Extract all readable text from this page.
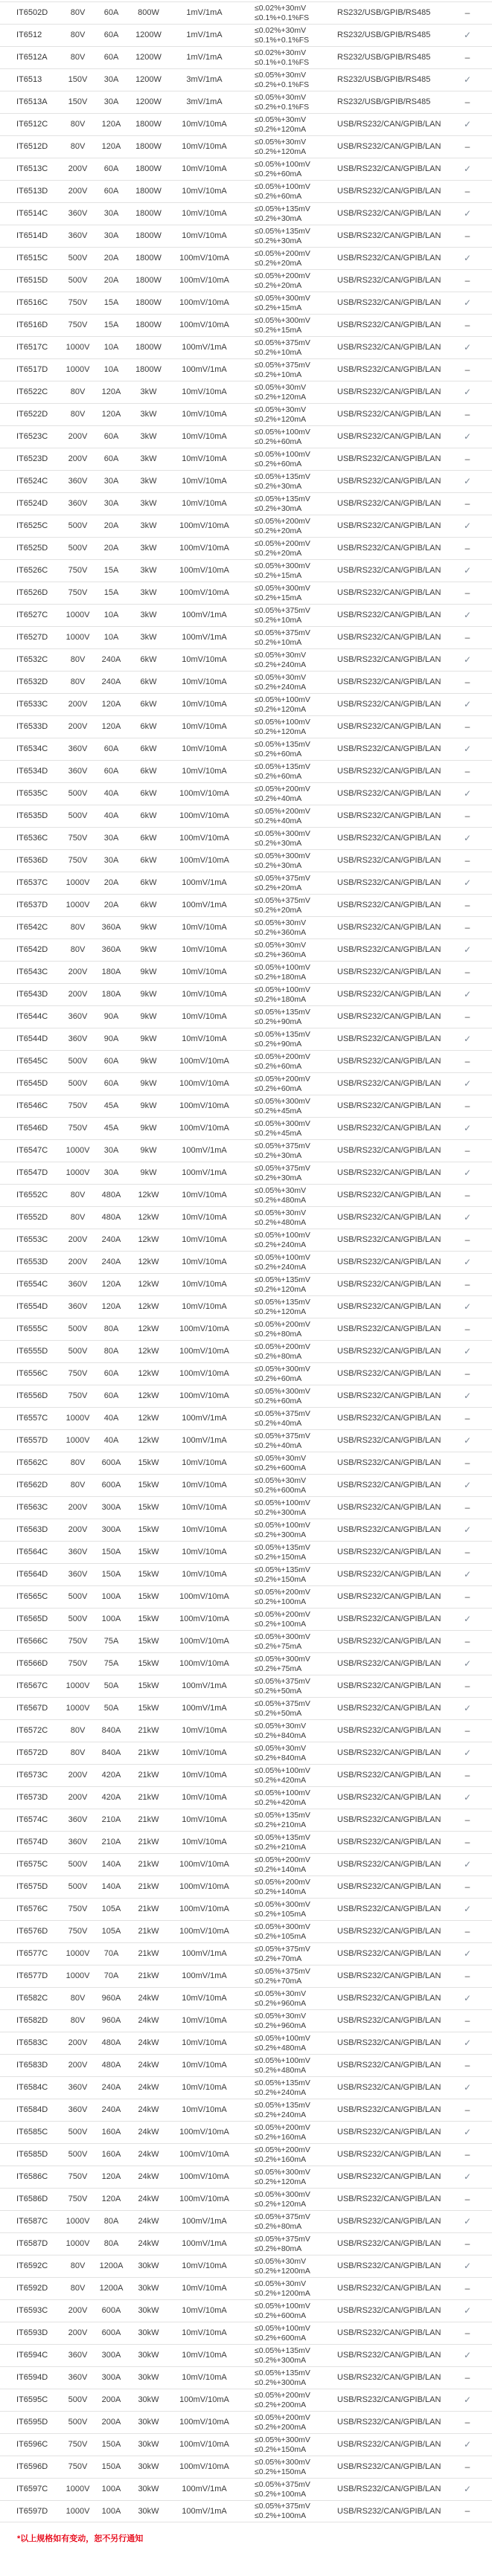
IT6502D	80V	60A	800W	1mV/1mA
≤0.02%+30mV
≤0.1%+0.1%FS
RS232/USB/GPIB/RS485	–
IT6512	80V	60A	1200W	1mV/1mA
≤0.02%+30mV
≤0.1%+0.1%FS
RS232/USB/GPIB/RS485	✓
IT6512A	80V	60A	1200W	1mV/1mA
≤0.02%+30mV
≤0.1%+0.1%FS
RS232/USB/GPIB/RS485	–
IT6513	150V	30A	1200W	3mV/1mA
≤0.05%+30mV
≤0.2%+0.1%FS
RS232/USB/GPIB/RS485	✓
IT6513A	150V	30A	1200W	3mV/1mA
≤0.05%+30mV
≤0.2%+0.1%FS
RS232/USB/GPIB/RS485	–
IT6512C	80V	120A	1800W	10mV/10mA
≤0.05%+30mV
≤0.2%+120mA
USB/RS232/CAN/GPIB/LAN	✓
IT6512D	80V	120A	1800W	10mV/10mA
≤0.05%+30mV
≤0.2%+120mA
USB/RS232/CAN/GPIB/LAN	–
IT6513C	200V	60A	1800W	10mV/10mA
≤0.05%+100mV
≤0.2%+60mA
USB/RS232/CAN/GPIB/LAN	✓
IT6513D	200V	60A	1800W	10mV/10mA
≤0.05%+100mV
≤0.2%+60mA
USB/RS232/CAN/GPIB/LAN	–
IT6514C	360V	30A	1800W	10mV/10mA
≤0.05%+135mV
≤0.2%+30mA
USB/RS232/CAN/GPIB/LAN	✓
IT6514D	360V	30A	1800W	10mV/10mA
≤0.05%+135mV
≤0.2%+30mA
USB/RS232/CAN/GPIB/LAN	–
IT6515C	500V	20A	1800W	100mV/10mA
≤0.05%+200mV
≤0.2%+20mA
USB/RS232/CAN/GPIB/LAN	✓
IT6515D	500V	20A	1800W	100mV/10mA
≤0.05%+200mV
≤0.2%+20mA
USB/RS232/CAN/GPIB/LAN	–
IT6516C	750V	15A	1800W	100mV/10mA
≤0.05%+300mV
≤0.2%+15mA
USB/RS232/CAN/GPIB/LAN	✓
IT6516D	750V	15A	1800W	100mV/10mA
≤0.05%+300mV
≤0.2%+15mA
USB/RS232/CAN/GPIB/LAN	–
IT6517C	1000V	10A	1800W	100mV/1mA
≤0.05%+375mV
≤0.2%+10mA
USB/RS232/CAN/GPIB/LAN	✓
IT6517D	1000V	10A	1800W	100mV/1mA
≤0.05%+375mV
≤0.2%+10mA
USB/RS232/CAN/GPIB/LAN	–
IT6522C	80V	120A	3kW	10mV/10mA
≤0.05%+30mV
≤0.2%+120mA
USB/RS232/CAN/GPIB/LAN	✓
IT6522D	80V	120A	3kW	10mV/10mA
≤0.05%+30mV
≤0.2%+120mA
USB/RS232/CAN/GPIB/LAN	–
IT6523C	200V	60A	3kW	10mV/10mA
≤0.05%+100mV
≤0.2%+60mA
USB/RS232/CAN/GPIB/LAN	✓
IT6523D	200V	60A	3kW	10mV/10mA
≤0.05%+100mV
≤0.2%+60mA
USB/RS232/CAN/GPIB/LAN	–
IT6524C	360V	30A	3kW	10mV/10mA
≤0.05%+135mV
≤0.2%+30mA
USB/RS232/CAN/GPIB/LAN	✓
IT6524D	360V	30A	3kW	10mV/10mA
≤0.05%+135mV
≤0.2%+30mA
USB/RS232/CAN/GPIB/LAN	–
IT6525C	500V	20A	3kW	100mV/10mA
≤0.05%+200mV
≤0.2%+20mA
USB/RS232/CAN/GPIB/LAN	✓
IT6525D	500V	20A	3kW	100mV/10mA
≤0.05%+200mV
≤0.2%+20mA
USB/RS232/CAN/GPIB/LAN	–
IT6526C	750V	15A	3kW	100mV/10mA
≤0.05%+300mV
≤0.2%+15mA
USB/RS232/CAN/GPIB/LAN	✓
IT6526D	750V	15A	3kW	100mV/10mA
≤0.05%+300mV
≤0.2%+15mA
USB/RS232/CAN/GPIB/LAN	–
IT6527C	1000V	10A	3kW	100mV/1mA
≤0.05%+375mV
≤0.2%+10mA
USB/RS232/CAN/GPIB/LAN	✓
IT6527D	1000V	10A	3kW	100mV/1mA
≤0.05%+375mV
≤0.2%+10mA
USB/RS232/CAN/GPIB/LAN	–
IT6532C	80V	240A	6kW	10mV/10mA
≤0.05%+30mV
≤0.2%+240mA
USB/RS232/CAN/GPIB/LAN	✓
IT6532D	80V	240A	6kW	10mV/10mA
≤0.05%+30mV
≤0.2%+240mA
USB/RS232/CAN/GPIB/LAN	–
IT6533C	200V	120A	6kW	10mV/10mA
≤0.05%+100mV
≤0.2%+120mA
USB/RS232/CAN/GPIB/LAN	✓
IT6533D	200V	120A	6kW	10mV/10mA
≤0.05%+100mV
≤0.2%+120mA
USB/RS232/CAN/GPIB/LAN	–
IT6534C	360V	60A	6kW	10mV/10mA
≤0.05%+135mV
≤0.2%+60mA
USB/RS232/CAN/GPIB/LAN	✓
IT6534D	360V	60A	6kW	10mV/10mA
≤0.05%+135mV
≤0.2%+60mA
USB/RS232/CAN/GPIB/LAN	–
IT6535C	500V	40A	6kW	100mV/10mA
≤0.05%+200mV
≤0.2%+40mA
USB/RS232/CAN/GPIB/LAN	✓
IT6535D	500V	40A	6kW	100mV/10mA
≤0.05%+200mV
≤0.2%+40mA
USB/RS232/CAN/GPIB/LAN	–
IT6536C	750V	30A	6kW	100mV/10mA
≤0.05%+300mV
≤0.2%+30mA
USB/RS232/CAN/GPIB/LAN	✓
IT6536D	750V	30A	6kW	100mV/10mA
≤0.05%+300mV
≤0.2%+30mA
USB/RS232/CAN/GPIB/LAN	–
IT6537C	1000V	20A	6kW	100mV/1mA
≤0.05%+375mV
≤0.2%+20mA
USB/RS232/CAN/GPIB/LAN	✓
IT6537D	1000V	20A	6kW	100mV/1mA
≤0.05%+375mV
≤0.2%+20mA
USB/RS232/CAN/GPIB/LAN	–
IT6542C	80V	360A	9kW	10mV/10mA
≤0.05%+30mV
≤0.2%+360mA
USB/RS232/CAN/GPIB/LAN	–
IT6542D	80V	360A	9kW	10mV/10mA
≤0.05%+30mV
≤0.2%+360mA
USB/RS232/CAN/GPIB/LAN	✓
IT6543C	200V	180A	9kW	10mV/10mA
≤0.05%+100mV
≤0.2%+180mA
USB/RS232/CAN/GPIB/LAN	–
IT6543D	200V	180A	9kW	10mV/10mA
≤0.05%+100mV
≤0.2%+180mA
USB/RS232/CAN/GPIB/LAN	✓
IT6544C	360V	90A	9kW	10mV/10mA
≤0.05%+135mV
≤0.2%+90mA
USB/RS232/CAN/GPIB/LAN	–
IT6544D	360V	90A	9kW	10mV/10mA
≤0.05%+135mV
≤0.2%+90mA
USB/RS232/CAN/GPIB/LAN	✓
IT6545C	500V	60A	9kW	100mV/10mA
≤0.05%+200mV
≤0.2%+60mA
USB/RS232/CAN/GPIB/LAN	–
IT6545D	500V	60A	9kW	100mV/10mA
≤0.05%+200mV
≤0.2%+60mA
USB/RS232/CAN/GPIB/LAN	✓
IT6546C	750V	45A	9kW	100mV/10mA
≤0.05%+300mV
≤0.2%+45mA
USB/RS232/CAN/GPIB/LAN	–
IT6546D	750V	45A	9kW	100mV/10mA
≤0.05%+300mV
≤0.2%+45mA
USB/RS232/CAN/GPIB/LAN	✓
IT6547C	1000V	30A	9kW	100mV/1mA
≤0.05%+375mV
≤0.2%+30mA
USB/RS232/CAN/GPIB/LAN	–
IT6547D	1000V	30A	9kW	100mV/1mA
≤0.05%+375mV
≤0.2%+30mA
USB/RS232/CAN/GPIB/LAN	✓
IT6552C	80V	480A	12kW	10mV/10mA
≤0.05%+30mV
≤0.2%+480mA
USB/RS232/CAN/GPIB/LAN	–
IT6552D	80V	480A	12kW	10mV/10mA
≤0.05%+30mV
≤0.2%+480mA
USB/RS232/CAN/GPIB/LAN	✓
IT6553C	200V	240A	12kW	10mV/10mA
≤0.05%+100mV
≤0.2%+240mA
USB/RS232/CAN/GPIB/LAN	–
IT6553D	200V	240A	12kW	10mV/10mA
≤0.05%+100mV
≤0.2%+240mA
USB/RS232/CAN/GPIB/LAN	✓
IT6554C	360V	120A	12kW	10mV/10mA
≤0.05%+135mV
≤0.2%+120mA
USB/RS232/CAN/GPIB/LAN	–
IT6554D	360V	120A	12kW	10mV/10mA
≤0.05%+135mV
≤0.2%+120mA
USB/RS232/CAN/GPIB/LAN	✓
IT6555C	500V	80A	12kW	100mV/10mA
≤0.05%+200mV
≤0.2%+80mA
USB/RS232/CAN/GPIB/LAN	–
IT6555D	500V	80A	12kW	100mV/10mA
≤0.05%+200mV
≤0.2%+80mA
USB/RS232/CAN/GPIB/LAN	✓
IT6556C	750V	60A	12kW	100mV/10mA
≤0.05%+300mV
≤0.2%+60mA
USB/RS232/CAN/GPIB/LAN	–
IT6556D	750V	60A	12kW	100mV/10mA
≤0.05%+300mV
≤0.2%+60mA
USB/RS232/CAN/GPIB/LAN	✓
IT6557C	1000V	40A	12kW	100mV/1mA
≤0.05%+375mV
≤0.2%+40mA
USB/RS232/CAN/GPIB/LAN	–
IT6557D	1000V	40A	12kW	100mV/1mA
≤0.05%+375mV
≤0.2%+40mA
USB/RS232/CAN/GPIB/LAN	✓
IT6562C	80V	600A	15kW	10mV/10mA
≤0.05%+30mV
≤0.2%+600mA
USB/RS232/CAN/GPIB/LAN	–
IT6562D	80V	600A	15kW	10mV/10mA
≤0.05%+30mV
≤0.2%+600mA
USB/RS232/CAN/GPIB/LAN	✓
IT6563C	200V	300A	15kW	10mV/10mA
≤0.05%+100mV
≤0.2%+300mA
USB/RS232/CAN/GPIB/LAN	–
IT6563D	200V	300A	15kW	10mV/10mA
≤0.05%+100mV
≤0.2%+300mA
USB/RS232/CAN/GPIB/LAN	✓
IT6564C	360V	150A	15kW	10mV/10mA
≤0.05%+135mV
≤0.2%+150mA
USB/RS232/CAN/GPIB/LAN	–
IT6564D	360V	150A	15kW	10mV/10mA
≤0.05%+135mV
≤0.2%+150mA
USB/RS232/CAN/GPIB/LAN	✓
IT6565C	500V	100A	15kW	100mV/10mA
≤0.05%+200mV
≤0.2%+100mA
USB/RS232/CAN/GPIB/LAN	–
IT6565D	500V	100A	15kW	100mV/10mA
≤0.05%+200mV
≤0.2%+100mA
USB/RS232/CAN/GPIB/LAN	✓
IT6566C	750V	75A	15kW	100mV/10mA
≤0.05%+300mV
≤0.2%+75mA
USB/RS232/CAN/GPIB/LAN	–
IT6566D	750V	75A	15kW	100mV/10mA
≤0.05%+300mV
≤0.2%+75mA
USB/RS232/CAN/GPIB/LAN	✓
IT6567C	1000V	50A	15kW	100mV/1mA
≤0.05%+375mV
≤0.2%+50mA
USB/RS232/CAN/GPIB/LAN	–
IT6567D	1000V	50A	15kW	100mV/1mA
≤0.05%+375mV
≤0.2%+50mA
USB/RS232/CAN/GPIB/LAN	✓
IT6572C	80V	840A	21kW	10mV/10mA
≤0.05%+30mV
≤0.2%+840mA
USB/RS232/CAN/GPIB/LAN	–
IT6572D	80V	840A	21kW	10mV/10mA
≤0.05%+30mV
≤0.2%+840mA
USB/RS232/CAN/GPIB/LAN	✓
IT6573C	200V	420A	21kW	10mV/10mA
≤0.05%+100mV
≤0.2%+420mA
USB/RS232/CAN/GPIB/LAN	–
IT6573D	200V	420A	21kW	10mV/10mA
≤0.05%+100mV
≤0.2%+420mA
USB/RS232/CAN/GPIB/LAN	✓
IT6574C	360V	210A	21kW	10mV/10mA
≤0.05%+135mV
≤0.2%+210mA
USB/RS232/CAN/GPIB/LAN	–
IT6574D	360V	210A	21kW	10mV/10mA
≤0.05%+135mV
≤0.2%+210mA
USB/RS232/CAN/GPIB/LAN	–
IT6575C	500V	140A	21kW	100mV/10mA
≤0.05%+200mV
≤0.2%+140mA
USB/RS232/CAN/GPIB/LAN	✓
IT6575D	500V	140A	21kW	100mV/10mA
≤0.05%+200mV
≤0.2%+140mA
USB/RS232/CAN/GPIB/LAN	–
IT6576C	750V	105A	21kW	100mV/10mA
≤0.05%+300mV
≤0.2%+105mA
USB/RS232/CAN/GPIB/LAN	✓
IT6576D	750V	105A	21kW	100mV/10mA
≤0.05%+300mV
≤0.2%+105mA
USB/RS232/CAN/GPIB/LAN	–
IT6577C	1000V	70A	21kW	100mV/1mA
≤0.05%+375mV
≤0.2%+70mA
USB/RS232/CAN/GPIB/LAN	✓
IT6577D	1000V	70A	21kW	100mV/1mA
≤0.05%+375mV
≤0.2%+70mA
USB/RS232/CAN/GPIB/LAN	–
IT6582C	80V	960A	24kW	10mV/10mA
≤0.05%+30mV
≤0.2%+960mA
USB/RS232/CAN/GPIB/LAN	✓
IT6582D	80V	960A	24kW	10mV/10mA
≤0.05%+30mV
≤0.2%+960mA
USB/RS232/CAN/GPIB/LAN	–
IT6583C	200V	480A	24kW	10mV/10mA
≤0.05%+100mV
≤0.2%+480mA
USB/RS232/CAN/GPIB/LAN	✓
IT6583D	200V	480A	24kW	10mV/10mA
≤0.05%+100mV
≤0.2%+480mA
USB/RS232/CAN/GPIB/LAN	–
IT6584C	360V	240A	24kW	10mV/10mA
≤0.05%+135mV
≤0.2%+240mA
USB/RS232/CAN/GPIB/LAN	✓
IT6584D	360V	240A	24kW	10mV/10mA
≤0.05%+135mV
≤0.2%+240mA
USB/RS232/CAN/GPIB/LAN	–
IT6585C	500V	160A	24kW	100mV/10mA
≤0.05%+200mV
≤0.2%+160mA
USB/RS232/CAN/GPIB/LAN	✓
IT6585D	500V	160A	24kW	100mV/10mA
≤0.05%+200mV
≤0.2%+160mA
USB/RS232/CAN/GPIB/LAN	–
IT6586C	750V	120A	24kW	100mV/10mA
≤0.05%+300mV
≤0.2%+120mA
USB/RS232/CAN/GPIB/LAN	✓
IT6586D	750V	120A	24kW	100mV/10mA
≤0.05%+300mV
≤0.2%+120mA
USB/RS232/CAN/GPIB/LAN	–
IT6587C	1000V	80A	24kW	100mV/1mA
≤0.05%+375mV
≤0.2%+80mA
USB/RS232/CAN/GPIB/LAN	✓
IT6587D	1000V	80A	24kW	100mV/1mA
≤0.05%+375mV
≤0.2%+80mA
USB/RS232/CAN/GPIB/LAN	–
IT6592C	80V	1200A	30kW	10mV/10mA
≤0.05%+30mV
≤0.2%+1200mA
USB/RS232/CAN/GPIB/LAN	✓
IT6592D	80V	1200A	30kW	10mV/10mA
≤0.05%+30mV
≤0.2%+1200mA
USB/RS232/CAN/GPIB/LAN	–
IT6593C	200V	600A	30kW	10mV/10mA
≤0.05%+100mV
≤0.2%+600mA
USB/RS232/CAN/GPIB/LAN	✓
IT6593D	200V	600A	30kW	10mV/10mA
≤0.05%+100mV
≤0.2%+600mA
USB/RS232/CAN/GPIB/LAN	–
IT6594C	360V	300A	30kW	10mV/10mA
≤0.05%+135mV
≤0.2%+300mA
USB/RS232/CAN/GPIB/LAN	✓
IT6594D	360V	300A	30kW	10mV/10mA
≤0.05%+135mV
≤0.2%+300mA
USB/RS232/CAN/GPIB/LAN	–
IT6595C	500V	200A	30kW	100mV/10mA
≤0.05%+200mV
≤0.2%+200mA
USB/RS232/CAN/GPIB/LAN	✓
IT6595D	500V	200A	30kW	100mV/10mA
≤0.05%+200mV
≤0.2%+200mA
USB/RS232/CAN/GPIB/LAN	–
IT6596C	750V	150A	30kW	100mV/10mA
≤0.05%+300mV
≤0.2%+150mA
USB/RS232/CAN/GPIB/LAN	✓
IT6596D	750V	150A	30kW	100mV/10mA
≤0.05%+300mV
≤0.2%+150mA
USB/RS232/CAN/GPIB/LAN	–
IT6597C	1000V	100A	30kW	100mV/1mA
≤0.05%+375mV
≤0.2%+100mA
USB/RS232/CAN/GPIB/LAN	✓
IT6597D	1000V	100A	30kW	100mV/1mA
≤0.05%+375mV
≤0.2%+100mA
USB/RS232/CAN/GPIB/LAN	–

*以上规格如有变动，恕不另行通知
